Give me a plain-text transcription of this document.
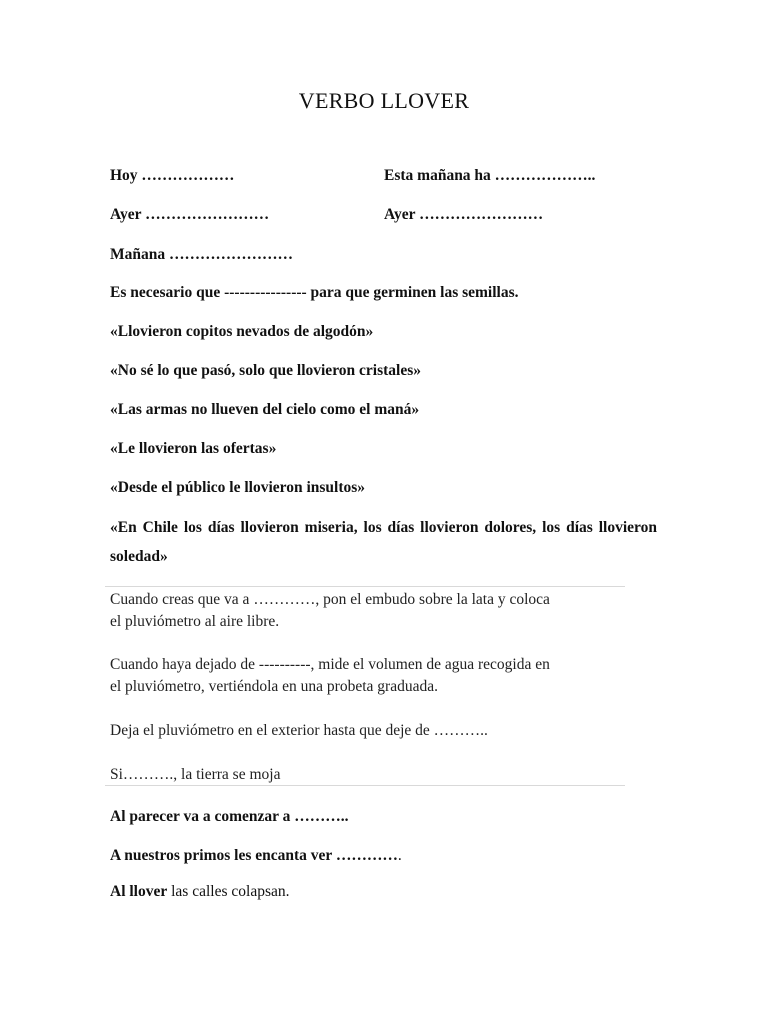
VERBO LLOVER
Hoy ………………	Esta mañana ha ………………..
Ayer ……………………	Ayer ……………………
Mañana ……………………
Es necesario que ---------------- para que germinen las semillas.
«Llovieron copitos nevados de algodón»
«No sé lo que pasó, solo que llovieron cristales»
«Las armas no llueven del cielo como el maná»
«Le llovieron las ofertas»
«Desde el público le llovieron insultos»
«En Chile los días llovieron miseria, los días llovieron dolores, los días llovieron soledad»
Cuando creas que va a …………, pon el embudo sobre la lata y coloca
el pluviómetro al aire libre.
Cuando haya dejado de ----------, mide el volumen de agua recogida en
el pluviómetro, vertiéndola en una probeta graduada.
Deja el pluviómetro en el exterior hasta que deje de ………..
Si………., la tierra se moja
Al parecer va a comenzar a ………..
A nuestros primos les encanta ver ………….
Al llover las calles colapsan.
